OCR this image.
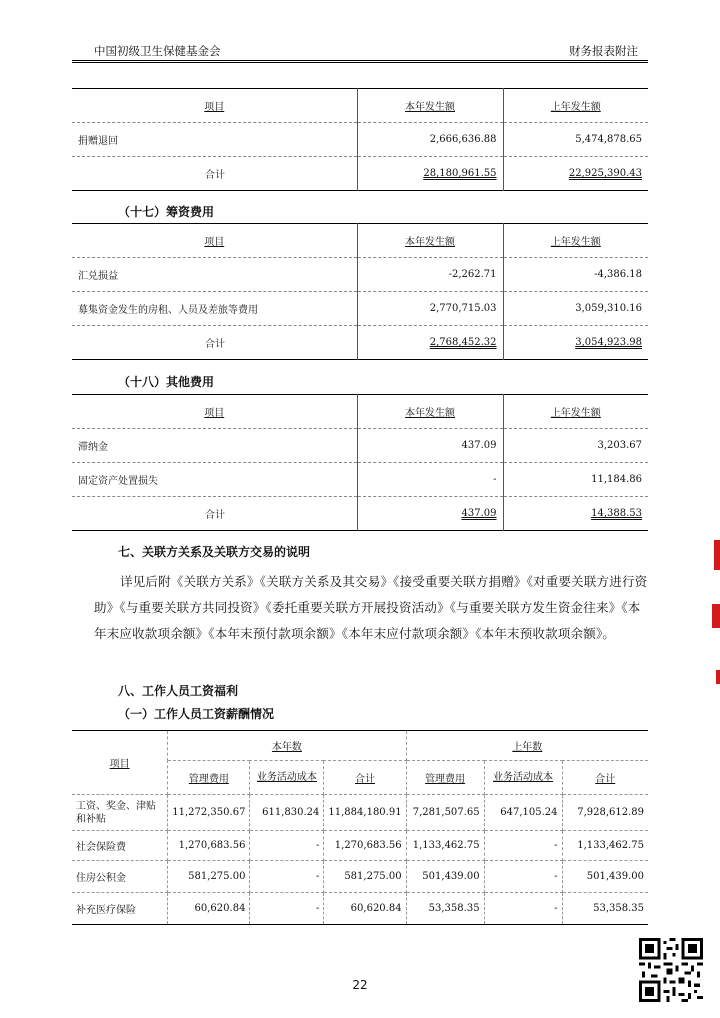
中国初级卫生保健基金会	财务报表附注
项目	本年发生额	上年发生额
捐赠退回	2,666,636.88	5,474,878.65
合计	28,180,961.55	22,925,390.43
（十七）筹资费用
项目	本年发生额	上年发生额
汇兑损益	-2,262.71	-4,386.18
募集资金发生的房租、人员及差旅等费用	2,770,715.03	3,059,310.16
合计	2,768,452.32	3,054,923.98
（十八）其他费用
项目	本年发生额	上年发生额
滞纳金	437.09	3,203.67
固定资产处置损失	-	11,184.86
合计	437.09	14,388.53
七、关联方关系及关联方交易的说明
详见后附《关联方关系》《关联方关系及其交易》《接受重要关联方捐赠》《对重要关联方进行资助》《与重要关联方共同投资》《委托重要关联方开展投资活动》《与重要关联方发生资金往来》《本年末应收款项余额》《本年末预付款项余额》《本年末应付款项余额》《本年末预收款项余额》。
八、工作人员工资福利
（一）工作人员工资薪酬情况
项目	本年数			上年数		
	管理费用	业务活动成本	合计	管理费用	业务活动成本	合计
工资、奖金、津贴和补贴	11,272,350.67	611,830.24	11,884,180.91	7,281,507.65	647,105.24	7,928,612.89
社会保险费	1,270,683.56	-	1,270,683.56	1,133,462.75	-	1,133,462.75
住房公积金	581,275.00	-	581,275.00	501,439.00	-	501,439.00
补充医疗保险	60,620.84	-	60,620.84	53,358.35	-	53,358.35
22
